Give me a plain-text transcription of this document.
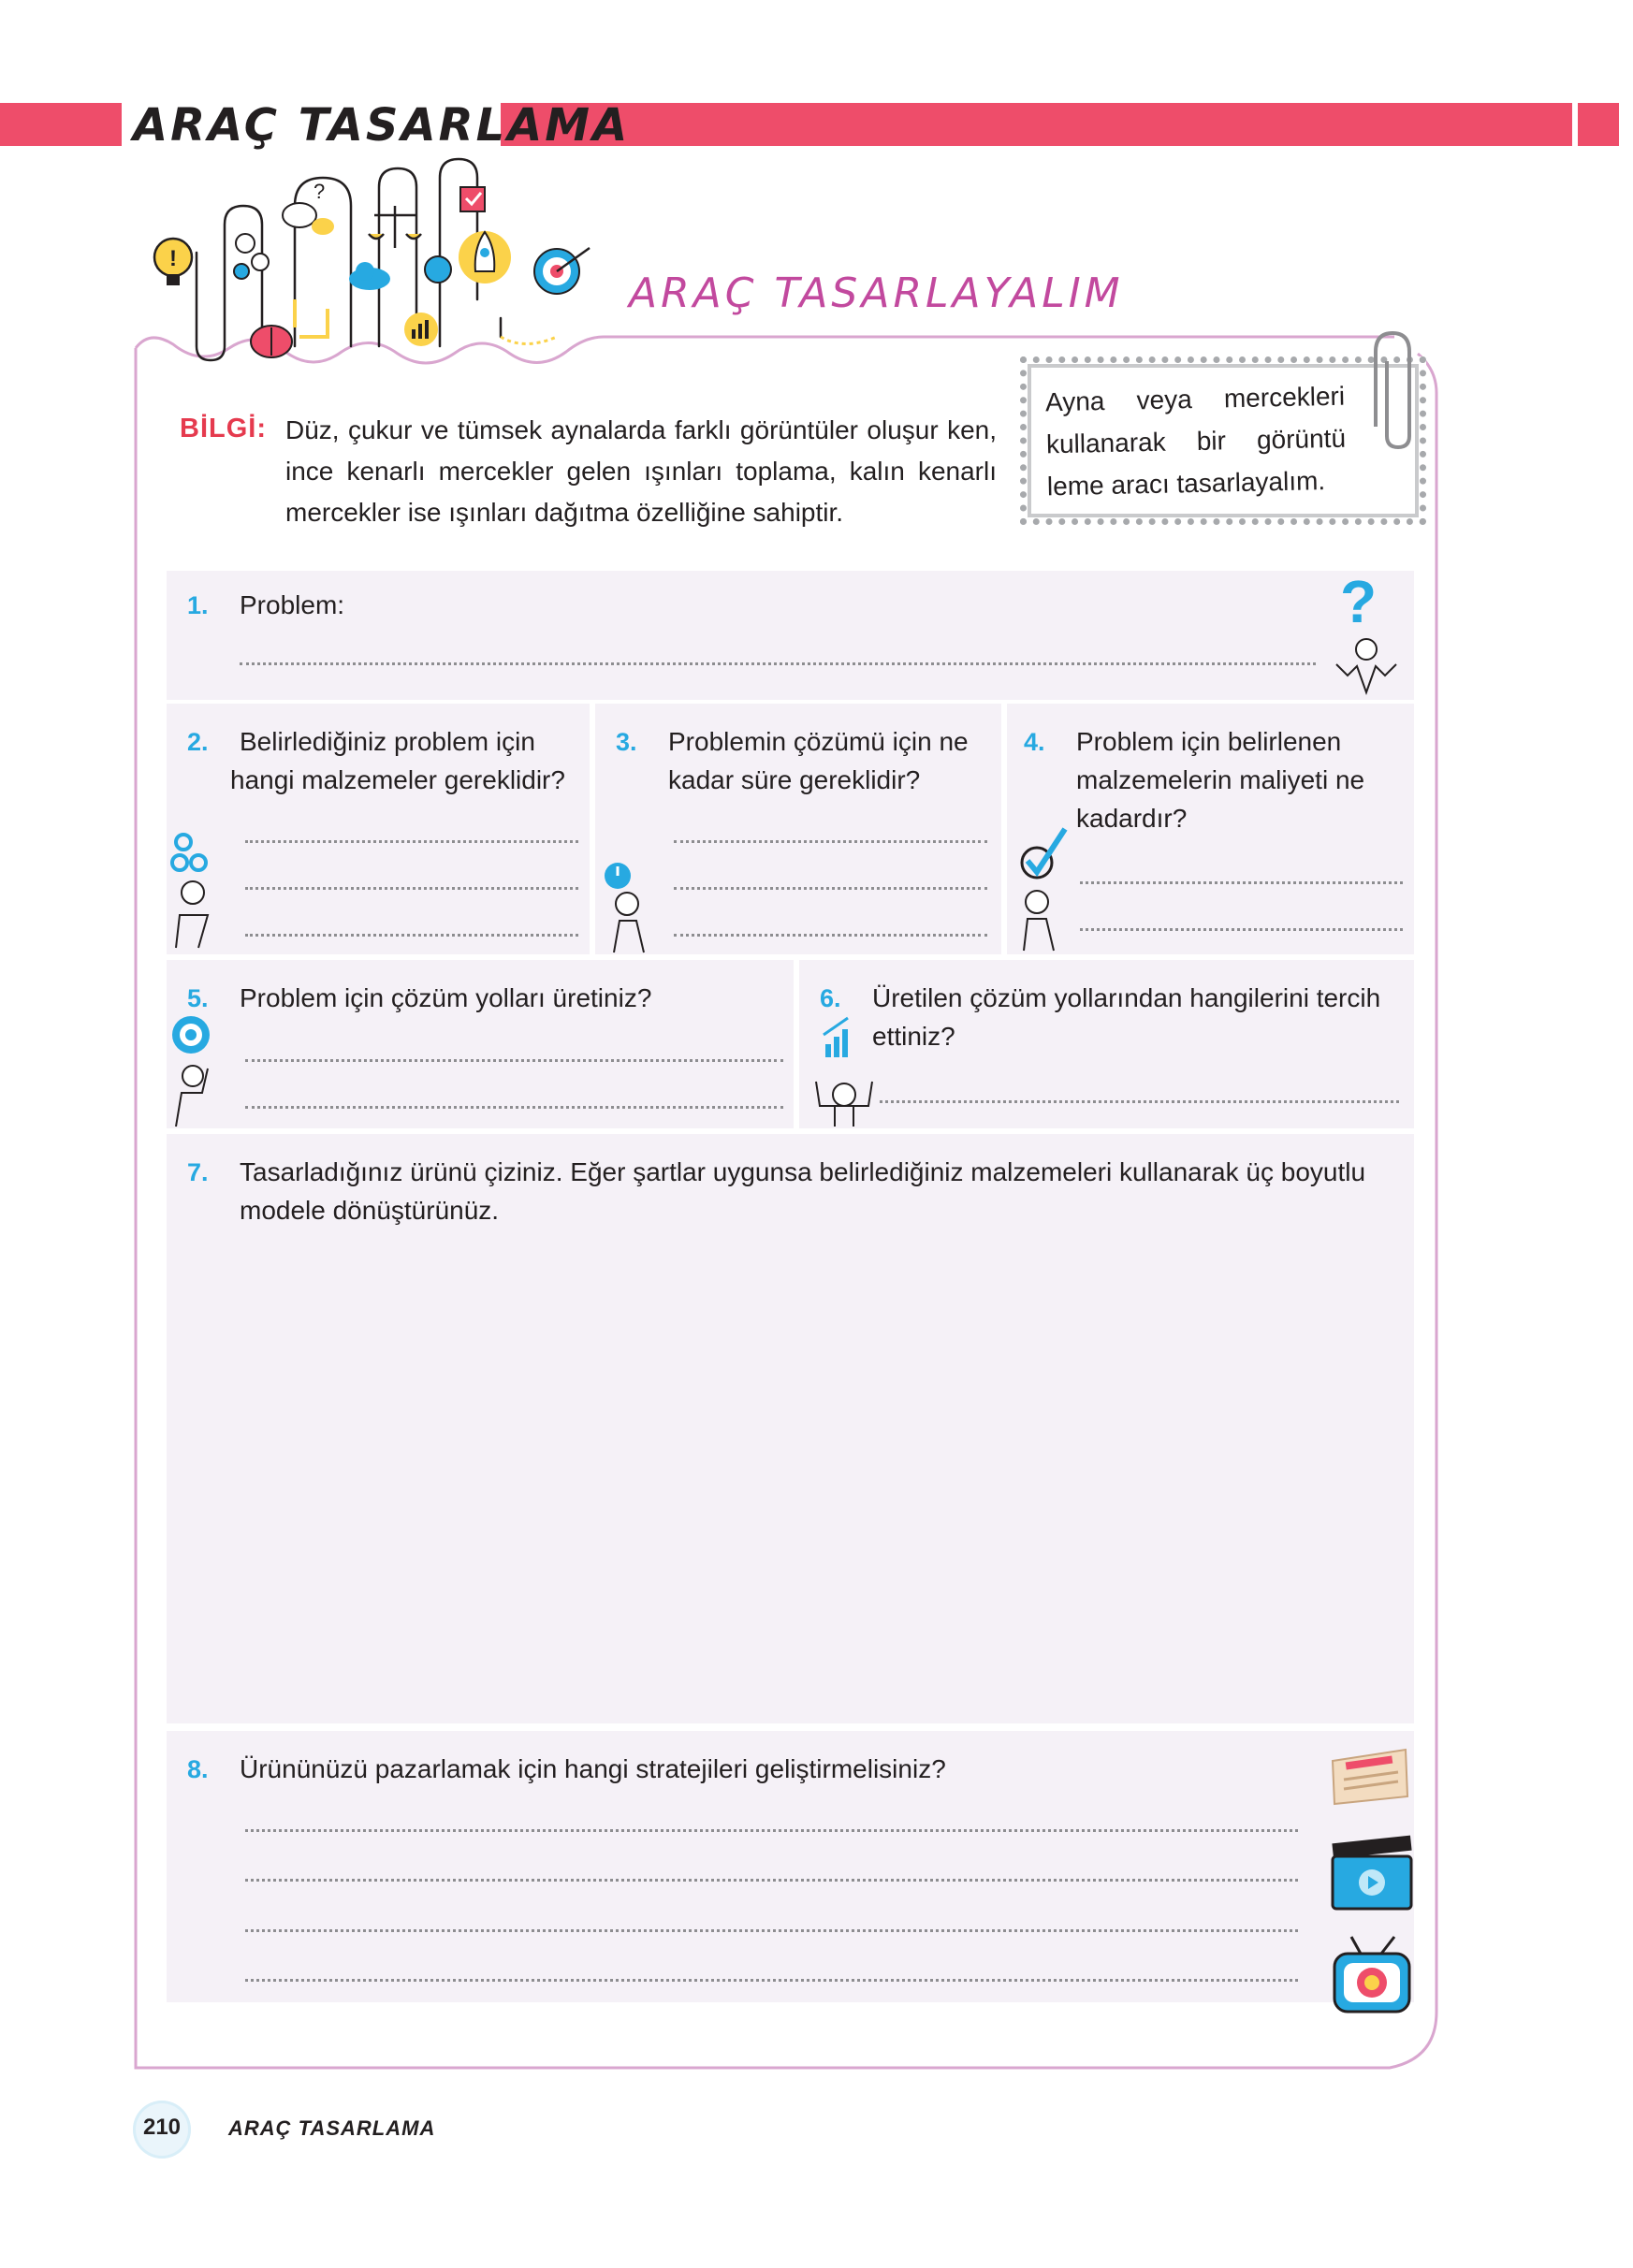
ARAÇ TASARLAMA
!
?
ARAÇ TASARLAYALIM
BİLGİ: Düz, çukur ve tümsek aynalarda farklı görüntüler oluşur ken, ince kenarlı mercekler gelen ışınları toplama, kalın kenarlı mercekler ise ışınları dağıtma özelliğine sahiptir.
Ayna veya mercekleri kullanarak bir görüntü leme aracı tasarlayalım.
1. Problem:	?
2.	Belirlediğiniz problem için hangi malzemeler gereklidir?
3. Problemin çözümü için ne kadar süre gereklidir?
4. Problem için belirlenen malzemelerin maliyeti ne kadardır?
5. Problem için çözüm yolları üretiniz?	6. Üretilen çözüm yollarından hangilerini tercih ettiniz?
7. Tasarladığınız ürünü çiziniz. Eğer şartlar uygunsa belirlediğiniz malzemeleri kullanarak üç boyutlu modele dönüştürünüz.
8. Ürününüzü pazarlamak için hangi stratejileri geliştirmelisiniz?
210	ARAÇ TASARLAMA
